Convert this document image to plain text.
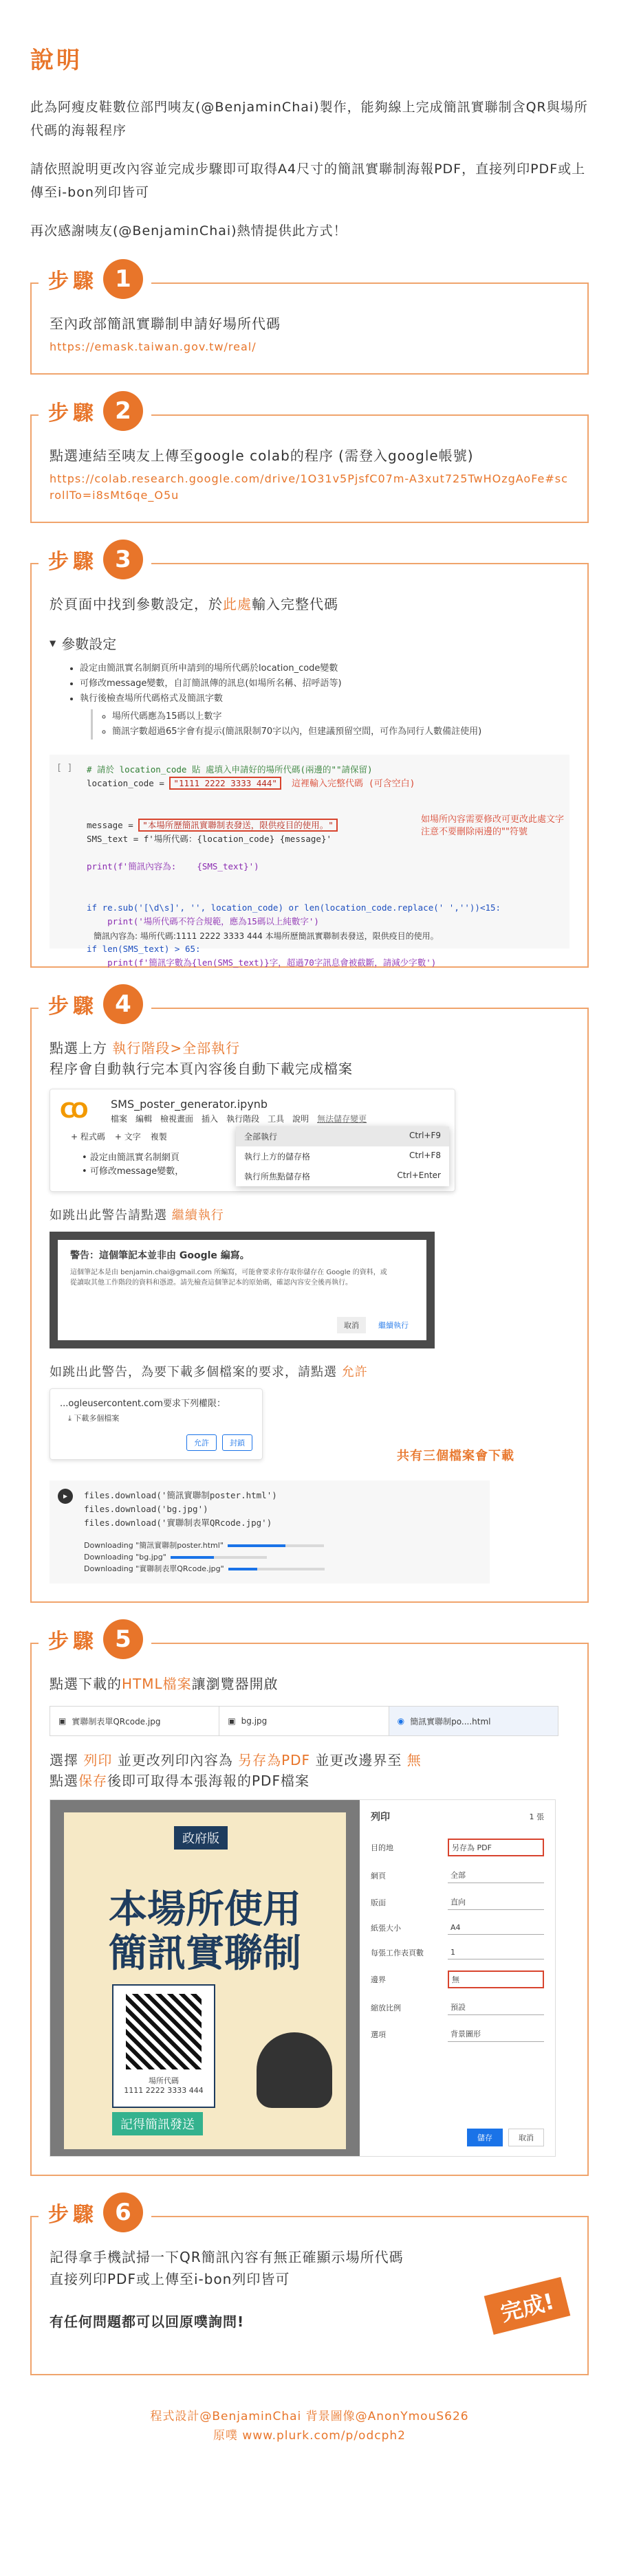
說明

此為阿瘦皮鞋數位部門咦友(@BenjaminChai)製作，能夠線上完成簡訊實聯制含QR與場所代碼的海報程序

請依照說明更改內容並完成步驟即可取得A4尺寸的簡訊實聯制海報PDF，直接列印PDF或上傳至i-bon列印皆可

再次感謝咦友(@BenjaminChai)熱情提供此方式！

步驟 1
至內政部簡訊實聯制申請好場所代碼
https://emask.taiwan.gov.tw/real/
步驟 2
點選連結至咦友上傳至google colab的程序 (需登入google帳號)
https://colab.research.google.com/drive/1O31v5PjsfC07m-A3xut725TwHOzgAoFe#scrollTo=i8sMt6qe_O5u
步驟 3
於頁面中找到參數設定，於此處輸入完整代碼
▼ 參數設定
• 設定由簡訊實名制網頁所申請到的場所代碼於location_code變數
• 可修改message變數，自訂簡訊傳的訊息(如場所名稱、招呼語等)
• 執行後檢查場所代碼格式及簡訊字數
◦ 場所代碼應為15碼以上數字
◦ 簡訊字數超過65字會有提示(簡訊限制70字以內，但建議預留空間，可作為同行人數備註使用)
[ ] # 請於 location_code 貼 處填入申請好的場所代碼(兩邊的""請保留)
location_code = "1111 2222 3333 444" 這裡輸入完整代碼 (可含空白)

message = "本場所歷簡訊實聯制表發送，限供疫目的使用。"
SMS_text = f'場所代碼：{location_code} {message}'

print(f'簡訊內容為:    {SMS_text}')

if re.sub('[\d\s]', '', location_code) or len(location_code.replace(' ',''))<15:
print('場所代碼不符合規範，應為15碼以上純數字')

if len(SMS_text) > 65:
print(f'簡訊字數為{len(SMS_text)}字，超過70字訊息會被截斷，請減少字數')
如場所內容需要修改可更改此處文字
注意不要刪除兩邊的""符號
簡訊內容為: 場所代碼:1111 2222 3333 444 本場所歷簡訊實聯制表發送，限供疫目的使用。
步驟 4
點選上方 執行階段>全部執行
程序會自動執行完本頁內容後自動下載完成檔案
CO SMS_poster_generator.ipynb
檔案 編輯 檢視畫面 插入 執行階段 工具 說明 無法儲存變更
+ 程式碼 + 文字 複製
• 設定由簡訊實名制網頁
• 可修改message變數，
全部執行	Ctrl+F9
執行上方的儲存格	Ctrl+F8
執行所焦點儲存格	Ctrl+Enter
如跳出此警告請點選 繼續執行
警告：這個筆記本並非由 Google 編寫。

這個筆記本是由 benjamin.chai@gmail.com 所編寫，可能會要求你存取你儲存在 Google 的資料，或從讀取其他工作階段的資料和憑證。請先檢查這個筆記本的原始碼，確認內容安全後再執行。

取消	繼續執行
如跳出此警告，為要下載多個檔案的要求，請點選 允許
...ogleusercontent.com要求下列權限：
⤓ 下載多個檔案
允許	封鎖
共有三個檔案會下載
▶	files.download('簡訊實聯制poster.html')
files.download('bg.jpg')
files.download('實聯制表單QRcode.jpg')
Downloading "簡訊實聯制poster.html"
Downloading "bg.jpg"
Downloading "實聯制表單QRcode.jpg"
步驟 5
點選下載的HTML檔案讓瀏覽器開啟
▣ 實聯制表單QRcode.jpg	▣ bg.jpg	◉ 簡訊實聯制po....html
選擇 列印 並更改列印內容為 另存為PDF 並更改邊界至 無
點選保存後即可取得本張海報的PDF檔案
政府版
本場所使用
簡訊實聯制
場所代碼
1111 2222 3333 444
記得簡訊發送
列印	1 張
目的地	另存為 PDF
網頁	全部
版面	直向
紙張大小	A4
每張工作表頁數	1
邊界	無
縮放比例	預設
選項	背景圖形
儲存	取消
步驟 6
記得拿手機試掃一下QR簡訊內容有無正確顯示場所代碼
直接列印PDF或上傳至i-bon列印皆可
有任何問題都可以回原噗詢問!	完成!
程式設計@BenjaminChai 背景圖像@AnonYmouS626
原噗 www.plurk.com/p/odcph2
